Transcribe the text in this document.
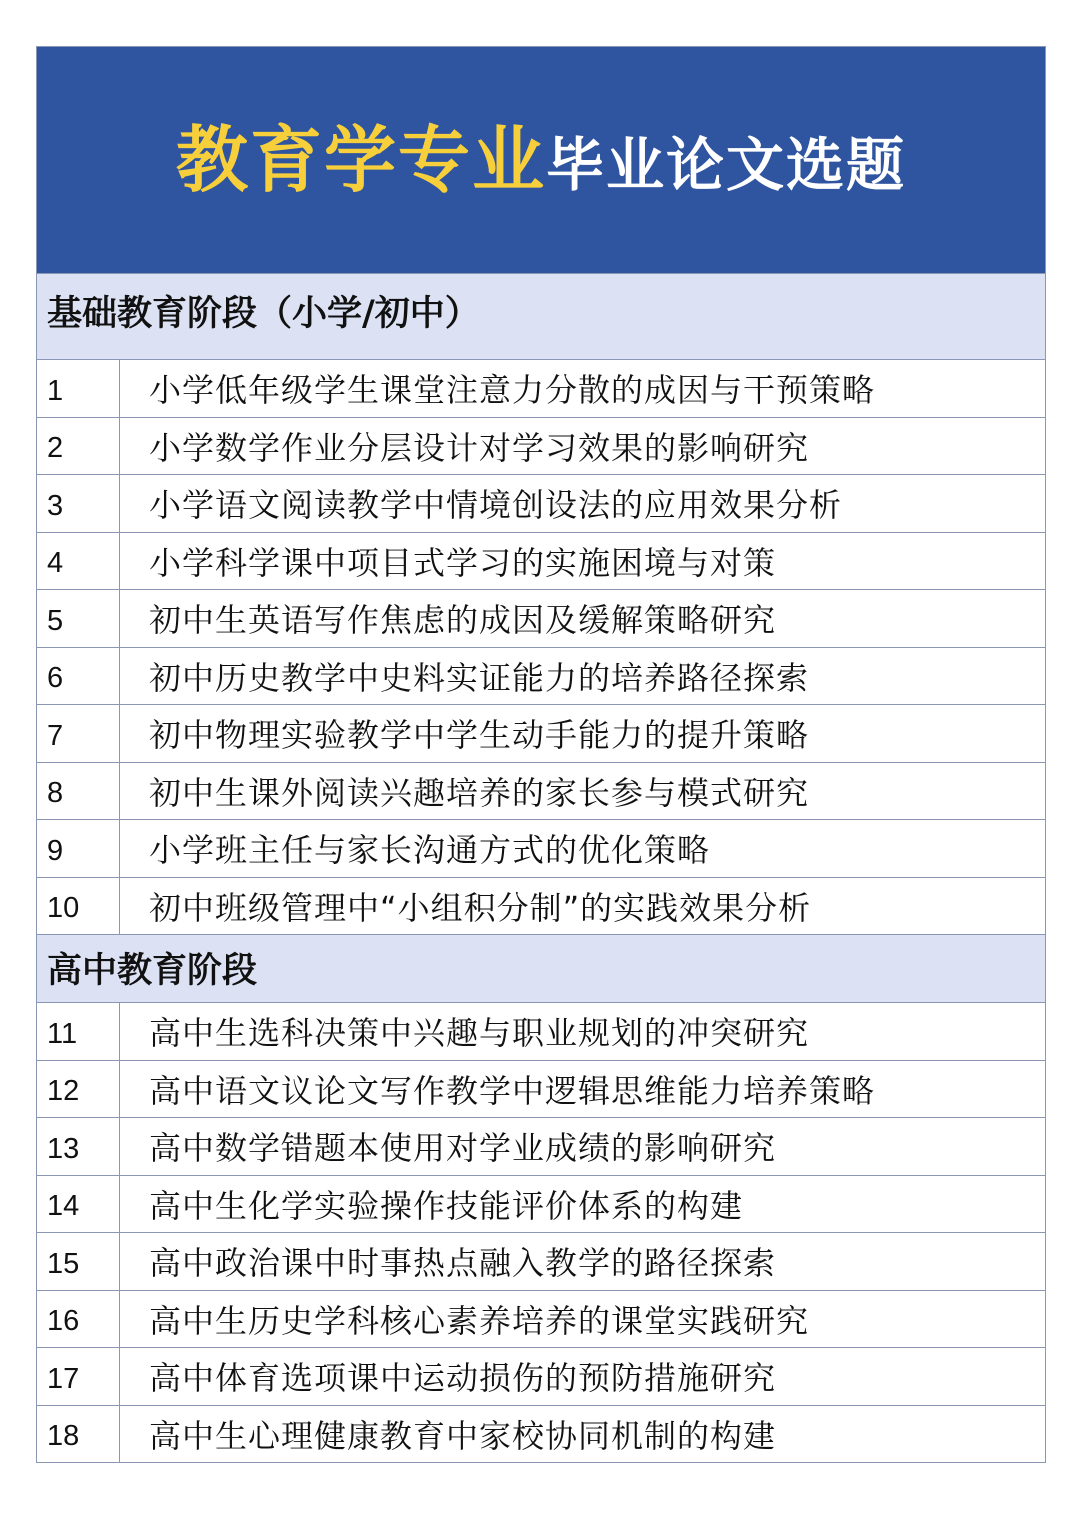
教育学专业 毕业论文选题
基础教育阶段（小学/初中）
1	小学低年级学生课堂注意力分散的成因与干预策略
2	小学数学作业分层设计对学习效果的影响研究
3	小学语文阅读教学中情境创设法的应用效果分析
4	小学科学课中项目式学习的实施困境与对策
5	初中生英语写作焦虑的成因及缓解策略研究
6	初中历史教学中史料实证能力的培养路径探索
7	初中物理实验教学中学生动手能力的提升策略
8	初中生课外阅读兴趣培养的家长参与模式研究
9	小学班主任与家长沟通方式的优化策略
10	初中班级管理中“小组积分制”的实践效果分析
高中教育阶段
11	高中生选科决策中兴趣与职业规划的冲突研究
12	高中语文议论文写作教学中逻辑思维能力培养策略
13	高中数学错题本使用对学业成绩的影响研究
14	高中生化学实验操作技能评价体系的构建
15	高中政治课中时事热点融入教学的路径探索
16	高中生历史学科核心素养培养的课堂实践研究
17	高中体育选项课中运动损伤的预防措施研究
18	高中生心理健康教育中家校协同机制的构建
